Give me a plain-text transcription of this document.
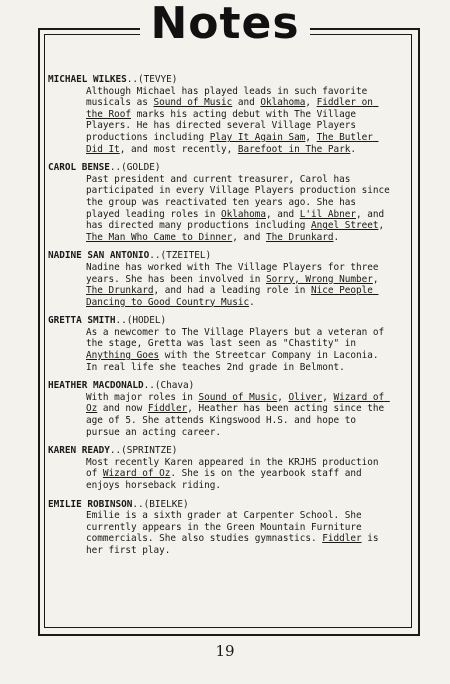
Notes
MICHAEL WILKES..(TEVYE)
Although Michael has played leads in such favorite musicals as Sound of Music and Oklahoma, Fiddler on the Roof marks his acting debut with The Village Players. He has directed several Village Players productions including Play It Again Sam, The Butler Did It, and most recently, Barefoot in The Park.
CAROL BENSE..(GOLDE)
Past president and current treasurer, Carol has participated in every Village Players production since the group was reactivated ten years ago. She has played leading roles in Oklahoma, and L'il Abner, and has directed many productions including Angel Street, The Man Who Came to Dinner, and The Drunkard.
NADINE SAN ANTONIO..(TZEITEL)
Nadine has worked with The Village Players for three years. She has been involved in Sorry, Wrong Number, The Drunkard, and had a leading role in Nice People Dancing to Good Country Music.
GRETTA SMITH..(HODEL)
As a newcomer to The Village Players but a veteran of the stage, Gretta was last seen as "Chastity" in Anything Goes with the Streetcar Company in Laconia. In real life she teaches 2nd grade in Belmont.
HEATHER MACDONALD..(Chava)
With major roles in Sound of Music, Oliver, Wizard of Oz and now Fiddler, Heather has been acting since the age of 5. She attends Kingswood H.S. and hope to pursue an acting career.
KAREN READY..(SPRINTZE)
Most recently Karen appeared in the KRJHS production of Wizard of Oz. She is on the yearbook staff and enjoys horseback riding.
EMILIE ROBINSON..(BIELKE)
Emilie is a sixth grader at Carpenter School. She currently appears in the Green Mountain Furniture commercials. She also studies gymnastics. Fiddler is her first play.
19
